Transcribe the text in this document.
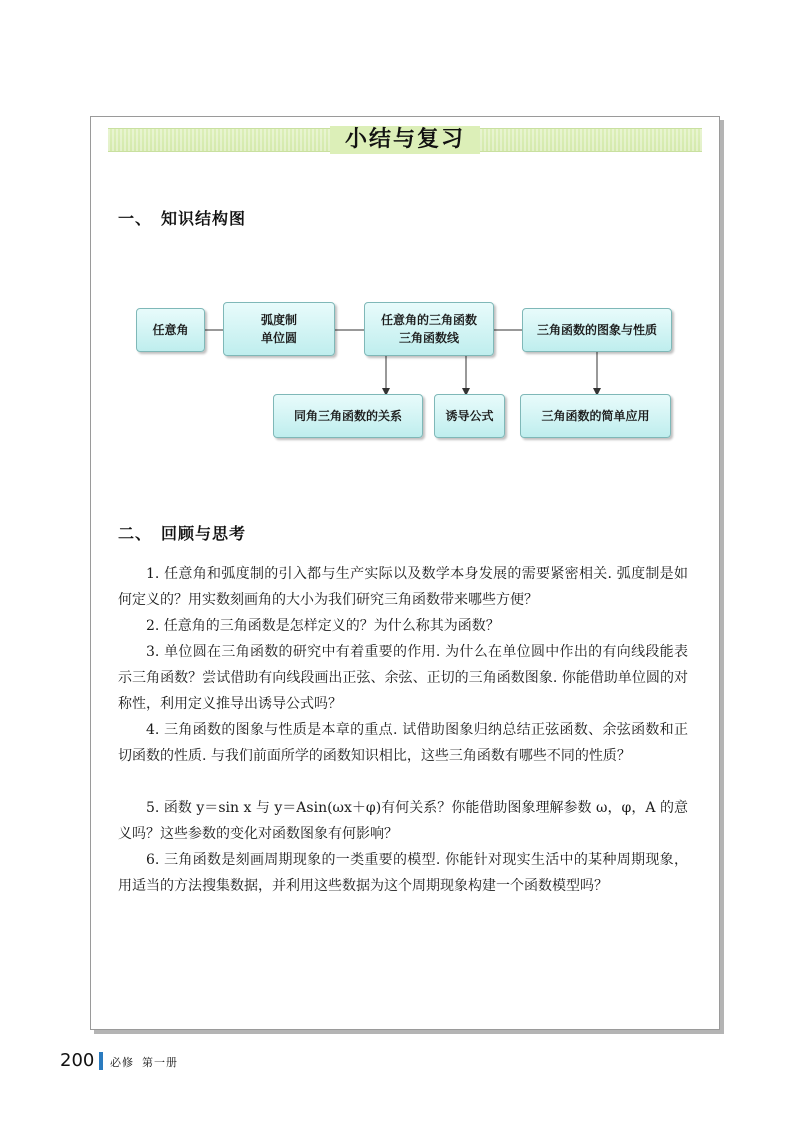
小结与复习
一、　知识结构图
任意角
弧度制
单位圆
任意角的三角函数
三角函数线
三角函数的图象与性质
同角三角函数的关系	诱导公式	三角函数的简单应用
二、　回顾与思考

1. 任意角和弧度制的引入都与生产实际以及数学本身发展的需要紧密相关. 弧度制是如何定义的？用实数刻画角的大小为我们研究三角函数带来哪些方便？

2. 任意角的三角函数是怎样定义的？为什么称其为函数？

3. 单位圆在三角函数的研究中有着重要的作用. 为什么在单位圆中作出的有向线段能表示三角函数？尝试借助有向线段画出正弦、余弦、正切的三角函数图象. 你能借助单位圆的对称性，利用定义推导出诱导公式吗？

4. 三角函数的图象与性质是本章的重点. 试借助图象归纳总结正弦函数、余弦函数和正切函数的性质. 与我们前面所学的函数知识相比，这些三角函数有哪些不同的性质？

5. 函数 y＝sin x 与 y＝Asin(ωx＋φ)有何关系？你能借助图象理解参数 ω，φ，A 的意义吗？这些参数的变化对函数图象有何影响？

6. 三角函数是刻画周期现象的一类重要的模型. 你能针对现实生活中的某种周期现象，用适当的方法搜集数据，并利用这些数据为这个周期现象构建一个函数模型吗？

200 必修 第一册
